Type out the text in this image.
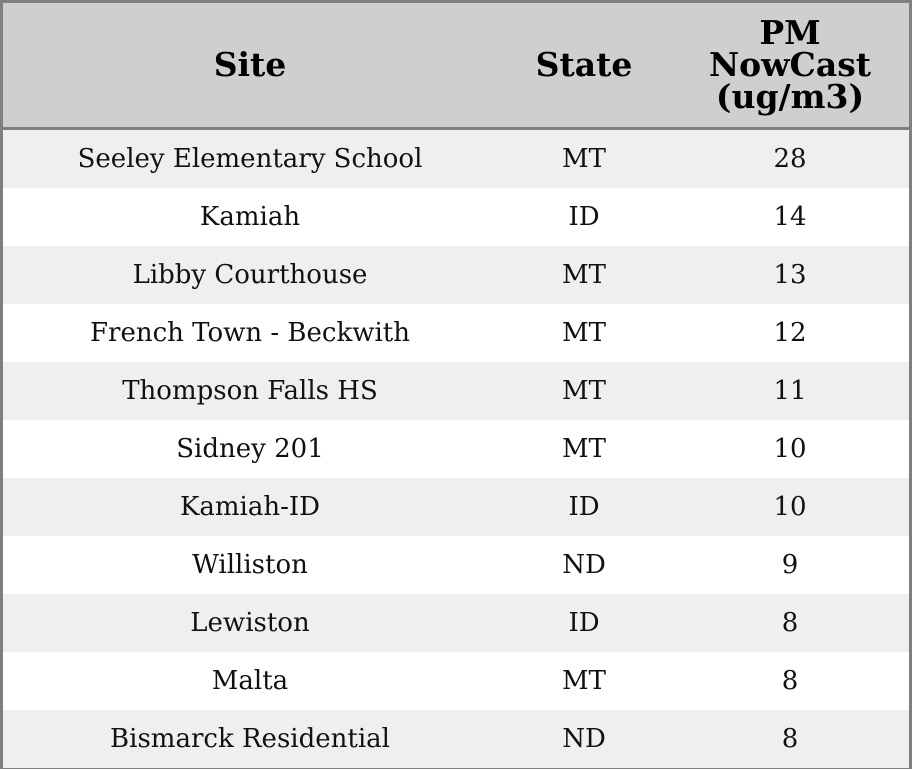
Site	State	PM
NowCast
(ug/m3)
Seeley Elementary School	MT	28
Kamiah	ID	14
Libby Courthouse	MT	13
French Town - Beckwith	MT	12
Thompson Falls HS	MT	11
Sidney 201	MT	10
Kamiah-ID	ID	10
Williston	ND	9
Lewiston	ID	8
Malta	MT	8
Bismarck Residential	ND	8
